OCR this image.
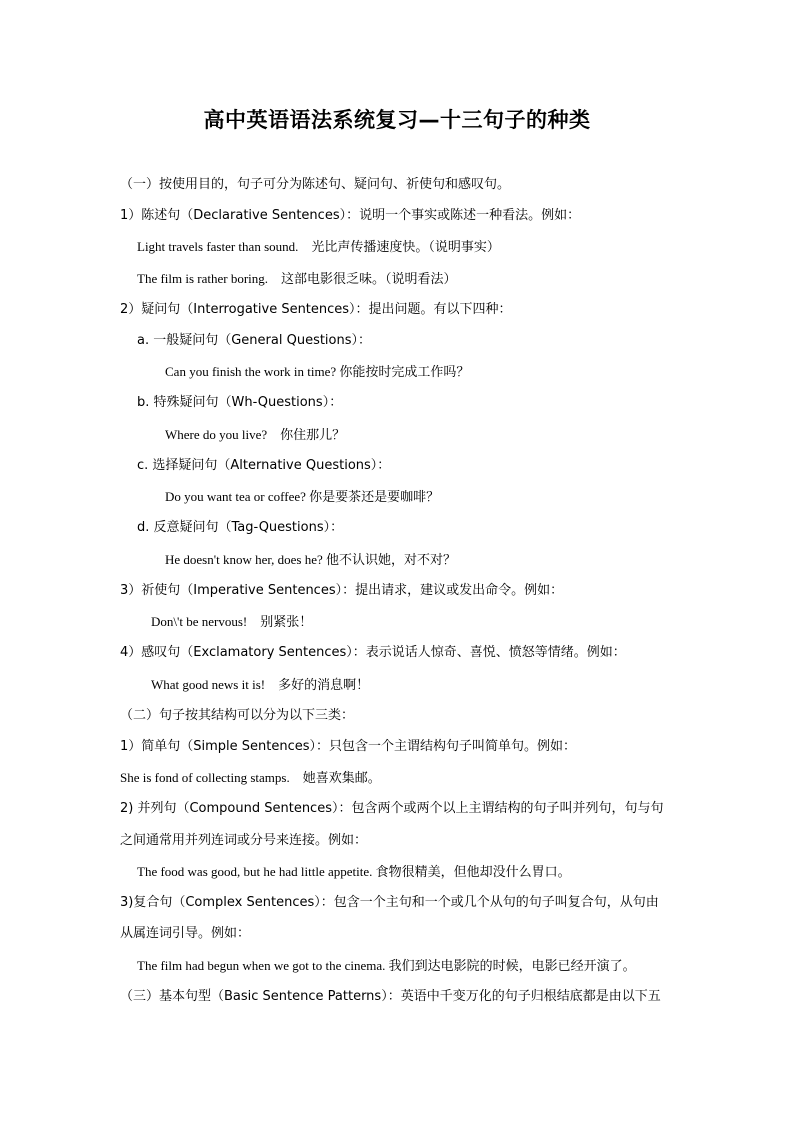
高中英语语法系统复习—十三句子的种类
（一）按使用目的，句子可分为陈述句、疑问句、祈使句和感叹句。
1）陈述句（Declarative Sentences）：说明一个事实或陈述一种看法。例如：
Light travels faster than sound.　光比声传播速度快。（说明事实）
The film is rather boring.　这部电影很乏味。（说明看法）
2）疑问句（Interrogative Sentences）：提出问题。有以下四种：
a. 一般疑问句（General Questions）：
Can you finish the work in time? 你能按时完成工作吗？
b. 特殊疑问句（Wh-Questions）：
Where do you live?　你住那儿？
c. 选择疑问句（Alternative Questions）：
Do you want tea or coffee? 你是要茶还是要咖啡？
d. 反意疑问句（Tag-Questions）：
He doesn't know her, does he? 他不认识她，对不对？
3）祈使句（Imperative Sentences）：提出请求，建议或发出命令。例如：
Don\'t be nervous!　别紧张！
4）感叹句（Exclamatory Sentences）：表示说话人惊奇、喜悦、愤怒等情绪。例如：
What good news it is!　多好的消息啊！
（二）句子按其结构可以分为以下三类：
1）简单句（Simple Sentences）：只包含一个主谓结构句子叫简单句。例如：
She is fond of collecting stamps.　她喜欢集邮。
2) 并列句（Compound Sentences）：包含两个或两个以上主谓结构的句子叫并列句，句与句
之间通常用并列连词或分号来连接。例如：
The food was good, but he had little appetite. 食物很精美，但他却没什么胃口。
3)复合句（Complex Sentences）：包含一个主句和一个或几个从句的句子叫复合句，从句由
从属连词引导。例如：
The film had begun when we got to the cinema. 我们到达电影院的时候，电影已经开演了。
（三）基本句型（Basic Sentence Patterns）：英语中千变万化的句子归根结底都是由以下五
